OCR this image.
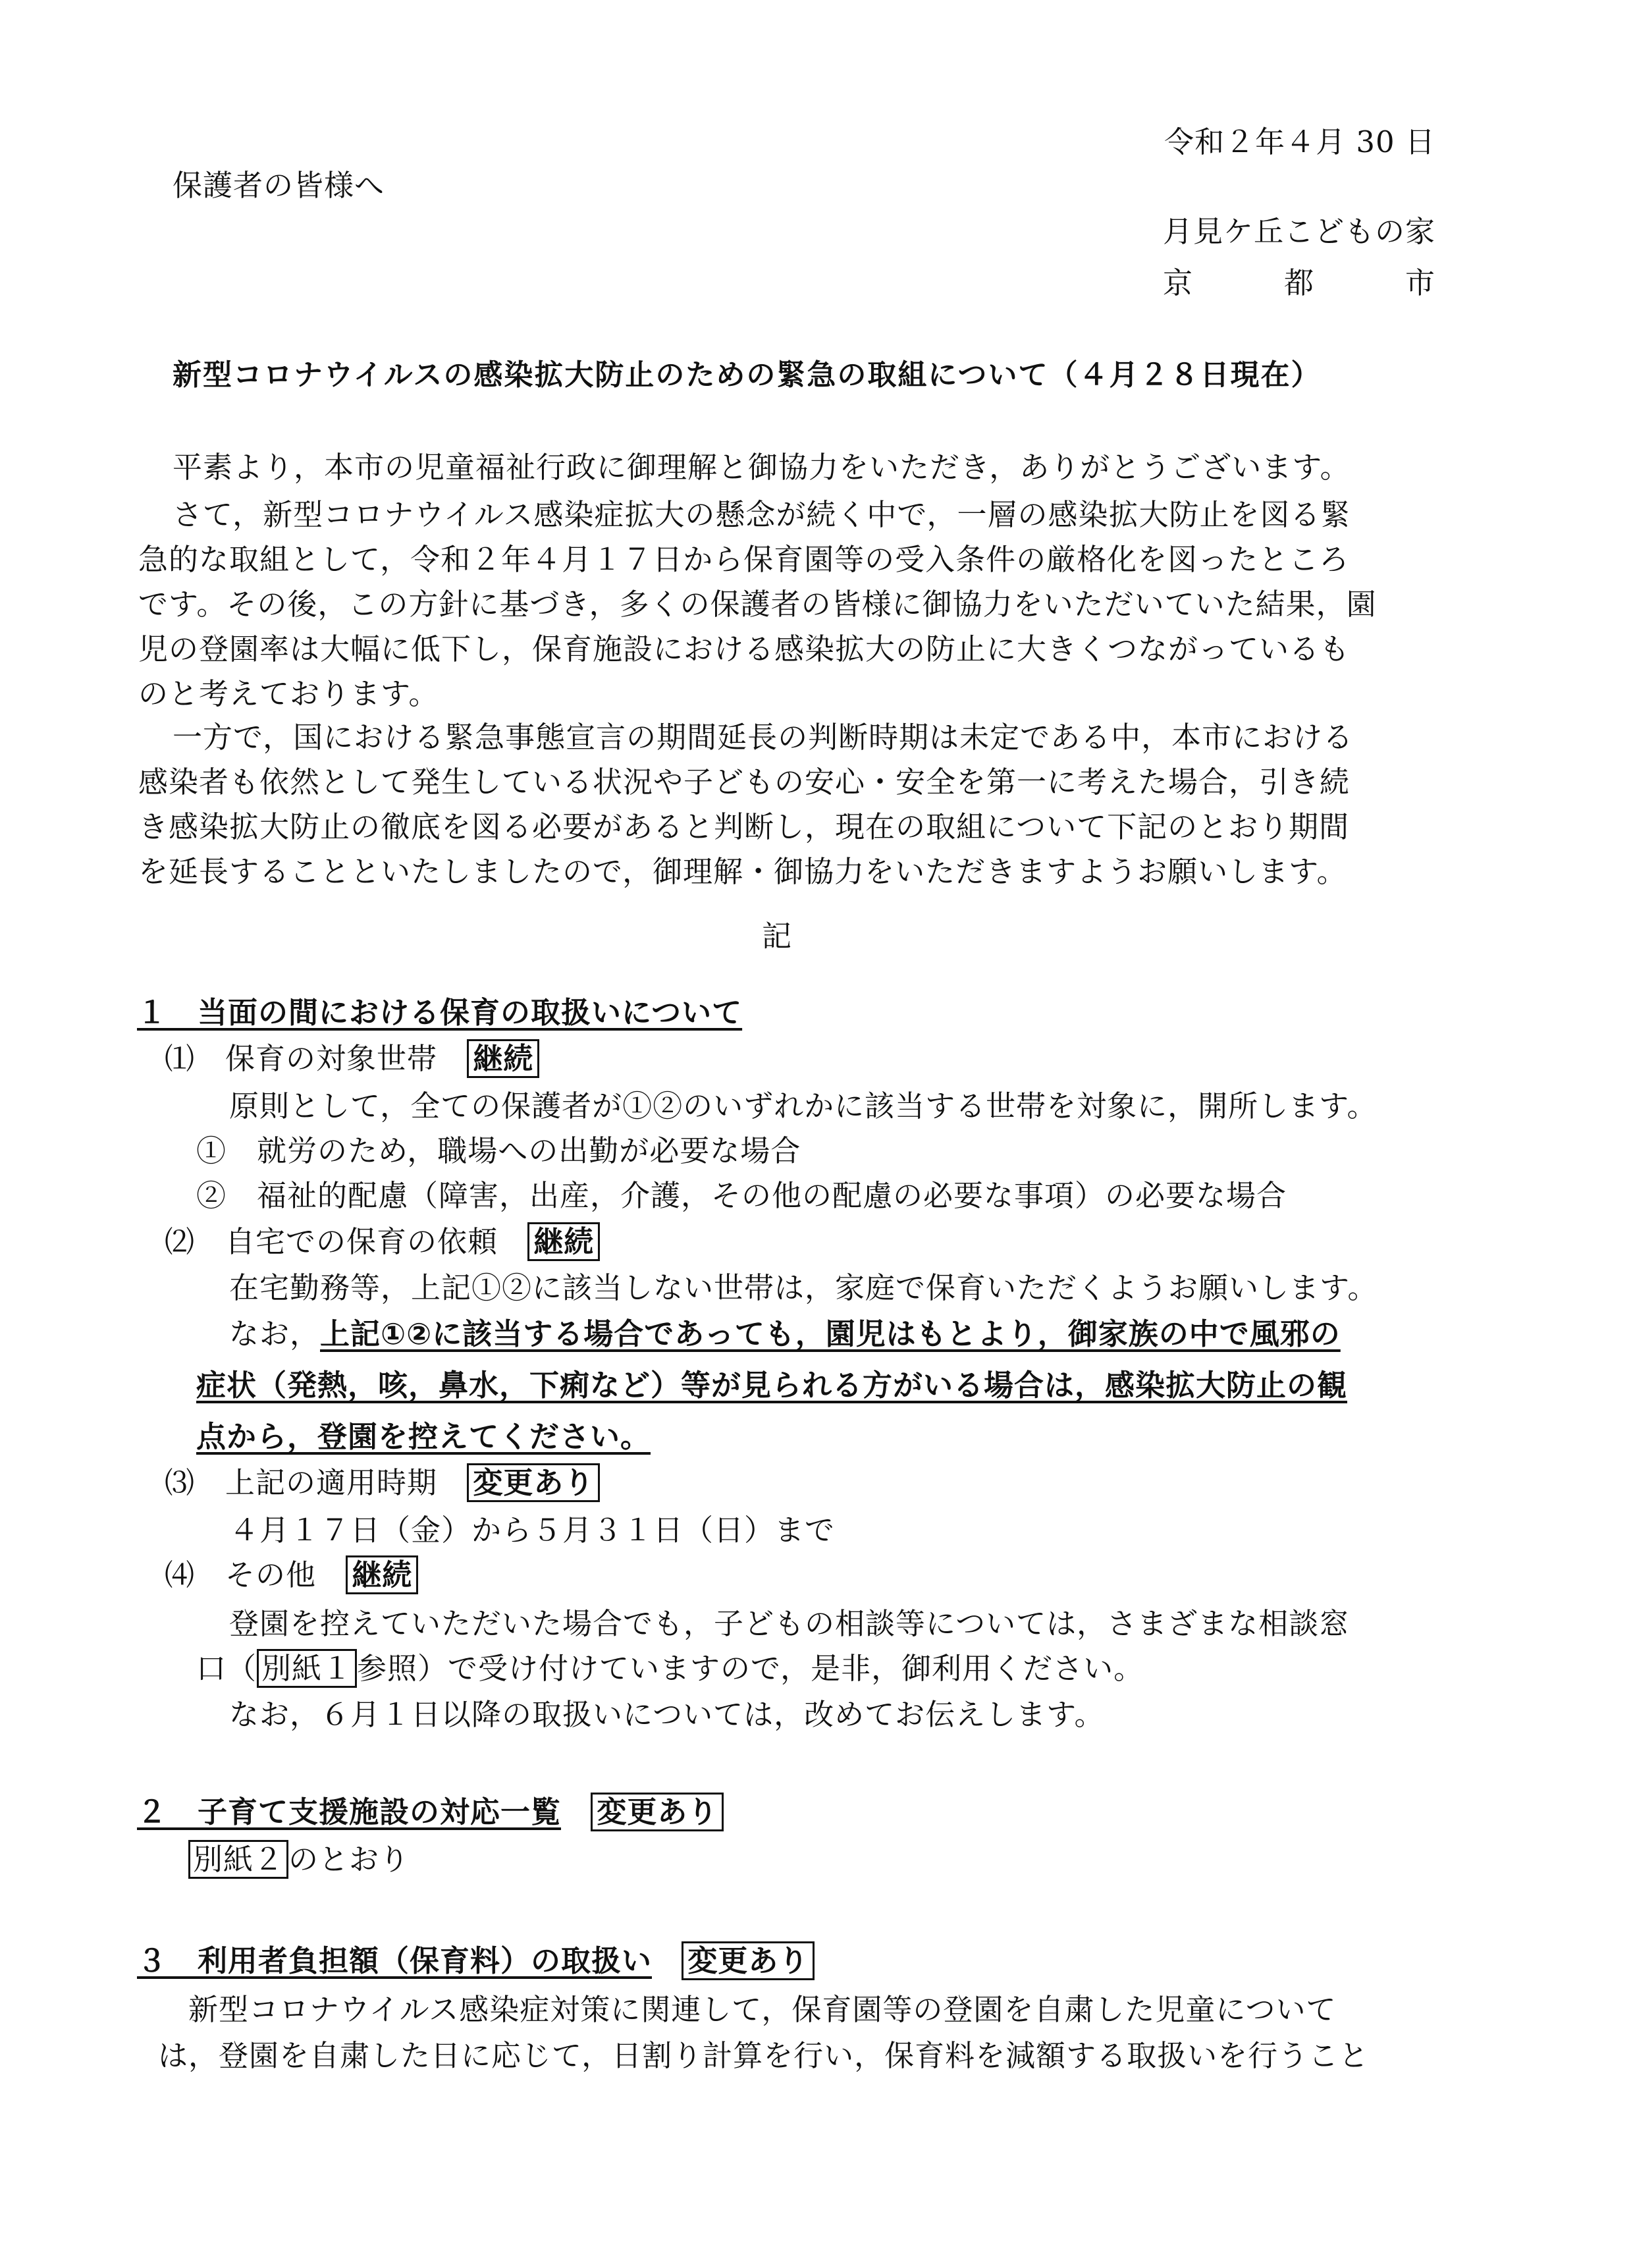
令和２年４月 30 日
保護者の皆様へ
月見ケ丘こどもの家
京　　　都　　　市
新型コロナウイルスの感染拡大防止のための緊急の取組について（４月２８日現在）
平素より，本市の児童福祉行政に御理解と御協力をいただき，ありがとうございます。
さて，新型コロナウイルス感染症拡大の懸念が続く中で，一層の感染拡大防止を図る緊
急的な取組として，令和２年４月１７日から保育園等の受入条件の厳格化を図ったところ
です。その後，この方針に基づき，多くの保護者の皆様に御協力をいただいていた結果，園
児の登園率は大幅に低下し，保育施設における感染拡大の防止に大きくつながっているも
のと考えております。
一方で，国における緊急事態宣言の期間延長の判断時期は未定である中，本市における
感染者も依然として発生している状況や子どもの安心・安全を第一に考えた場合，引き続
き感染拡大防止の徹底を図る必要があると判断し，現在の取組について下記のとおり期間
を延長することといたしましたので，御理解・御協力をいただきますようお願いします。
記
１　当面の間における保育の取扱いについて
⑴　保育の対象世帯 継続
原則として，全ての保護者が①②のいずれかに該当する世帯を対象に，開所します。
①　就労のため，職場への出勤が必要な場合
②　福祉的配慮（障害，出産，介護，その他の配慮の必要な事項）の必要な場合
⑵　自宅での保育の依頼 継続
在宅勤務等，上記①②に該当しない世帯は，家庭で保育いただくようお願いします。
なお，上記①②に該当する場合であっても，園児はもとより，御家族の中で風邪の
症状（発熱，咳，鼻水，下痢など）等が見られる方がいる場合は，感染拡大防止の観
点から，登園を控えてください。
⑶　上記の適用時期 変更あり
４月１７日（金）から５月３１日（日）まで
⑷　その他 継続
登園を控えていただいた場合でも，子どもの相談等については，さまざまな相談窓
口（ 別紙１ 参照）で受け付けていますので，是非，御利用ください。
なお，６月１日以降の取扱いについては，改めてお伝えします。
２　子育て支援施設の対応一覧 変更あり
別紙２ のとおり
３　利用者負担額（保育料）の取扱い 変更あり
新型コロナウイルス感染症対策に関連して，保育園等の登園を自粛した児童について
は，登園を自粛した日に応じて，日割り計算を行い，保育料を減額する取扱いを行うこと
